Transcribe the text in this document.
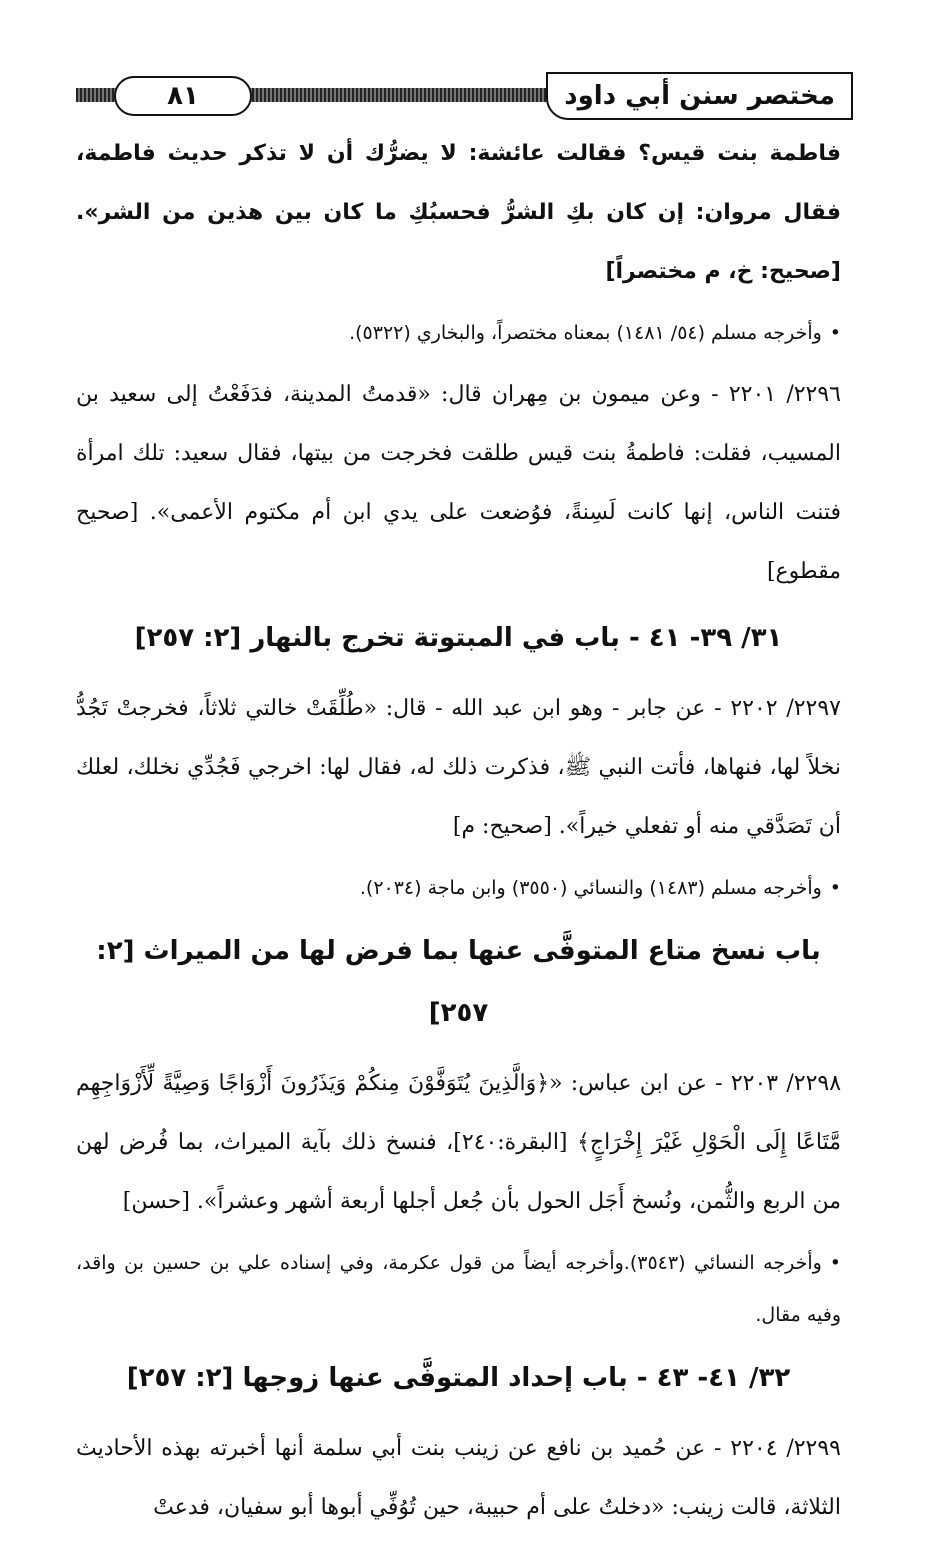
٨١	مختصر سنن أبي داود

فاطمة بنت قيس؟ فقالت عائشة: لا يضرُّك أن لا تذكر حديث فاطمة، فقال مروان: إن كان بكِ الشرُّ فحسبُكِ ما كان بين هذين من الشر». [صحيح: خ، م مختصراً]

•وأخرجه مسلم (٥٤/ ١٤٨١) بمعناه مختصراً، والبخاري (٥٣٢٢).

٢٢٩٦/ ٢٢٠١ - وعن ميمون بن مِهران قال: «قدمتُ المدينة، فدَفَعْتُ إلى سعيد بن المسيب، فقلت: فاطمةُ بنت قيس طلقت فخرجت من بيتها، فقال سعيد: تلك امرأة فتنت الناس، إنها كانت لَسِنةً، فوُضعت على يدي ابن أم مكتوم الأعمى». [صحيح مقطوع]

٣١/ ٣٩- ٤١ - باب في المبتوتة تخرج بالنهار [٢: ٢٥٧]

٢٢٩٧/ ٢٢٠٢ - عن جابر - وهو ابن عبد الله - قال: «طُلِّقَتْ خالتي ثلاثاً، فخرجتْ تَجُدُّ نخلاً لها، فنهاها، فأتت النبي ﷺ، فذكرت ذلك له، فقال لها: اخرجي فَجُدِّي نخلك، لعلك أن تَصَدَّقي منه أو تفعلي خيراً». [صحيح: م]

•وأخرجه مسلم (١٤٨٣) والنسائي (٣٥٥٠) وابن ماجة (٢٠٣٤).

باب نسخ متاع المتوفَّى عنها بما فرض لها من الميراث [٢: ٢٥٧]

٢٢٩٨/ ٢٢٠٣ - عن ابن عباس: «﴿وَالَّذِينَ يُتَوَفَّوْنَ مِنكُمْ وَيَذَرُونَ أَزْوَاجًا وَصِيَّةً لِّأَزْوَاجِهِم مَّتَاعًا إِلَى الْحَوْلِ غَيْرَ إِخْرَاجٍ﴾ [البقرة:٢٤٠]، فنسخ ذلك بآية الميراث، بما فُرض لهن من الربع والثُّمن، ونُسخ أَجَل الحول بأن جُعل أجلها أربعة أشهر وعشراً». [حسن]

•وأخرجه النسائي (٣٥٤٣).وأخرجه أيضاً من قول عكرمة، وفي إسناده علي بن حسين بن واقد، وفيه مقال.

٣٢/ ٤١- ٤٣ - باب إحداد المتوفَّى عنها زوجها [٢: ٢٥٧]

٢٢٩٩/ ٢٢٠٤ - عن حُميد بن نافع عن زينب بنت أبي سلمة أنها أخبرته بهذه الأحاديث الثلاثة، قالت زينب: «دخلتُ على أم حبيبة، حين تُوُفِّي أبوها أبو سفيان، فدعتْ
